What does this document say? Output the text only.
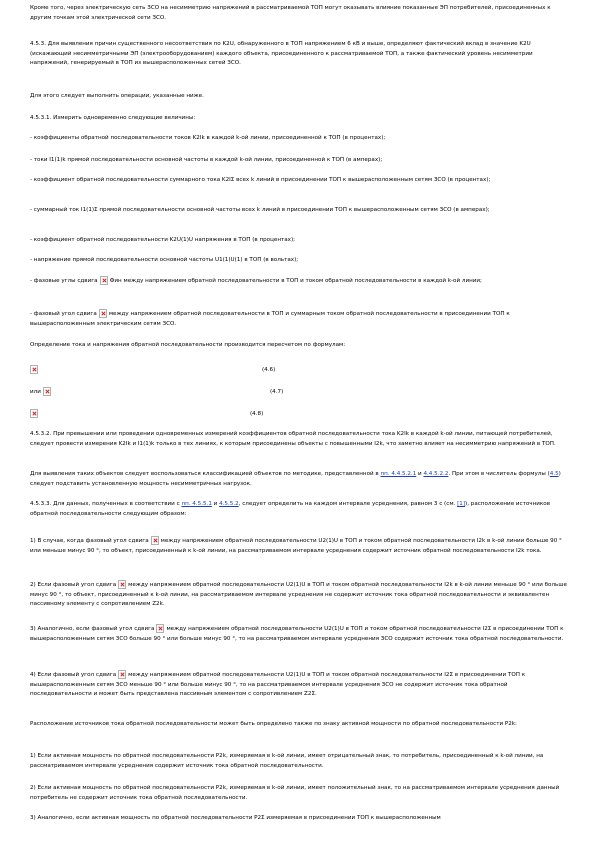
Кроме того, через электрическую сеть ЗСО на несимметрию напряжений в рассматриваемой ТОП могут оказывать влияние показанные ЭП потребителей, присоединенных к другим точкам этой электрической сети ЗСО.

4.5.3. Для выявления причин существенного несоответствия по K2U, обнаруженного в ТОП напряжением 6 кВ и выше, определяют фактический вклад в значение K2U (искажающий несимметричными ЭП (электрооборудованием) каждого объекта, присоединенного к рассматриваемой ТОП, а также фактический уровень несимметрии напряжений, генерируемый в ТОП из вышерасположенных сетей ЗСО.

Для этого следует выполнить операции, указанные ниже.

4.5.3.1. Измерить одновременно следующие величины:

- коэффициенты обратной последовательности токов K2Ik в каждой k-ой линии, присоединенной к ТОП (в процентах);

- токи I1(1)k прямой последовательности основной частоты в каждой k-ой линии, присоединенной к ТОП (в амперах);

- коэффициент обратной последовательности суммарного тока K2IΣ всех k линий в присоединении ТОП к вышерасположенным сетям ЗСО (в процентах);

- суммарный ток I1(1)Σ прямой последовательности основной частоты всех k линий в присоединении ТОП к вышерасположенным сетям ЗСО (в амперах);

- коэффициент обратной последовательности K2U(1)U напряжения в ТОП (в процентах);

- напряжение прямой последовательности основной частоты U1(1)U(1) в ТОП (в вольтах);

- фазовые углы сдвига Фин между напряжением обратной последовательности в ТОП и током обратной последовательности в каждой k-ой линии;

- фазовый угол сдвига между напряжением обратной последовательности в ТОП и суммарным током обратной последовательности в присоединении ТОП к вышерасположенным электрическим сетям ЗСО.

Определение тока и напряжения обратной последовательности производится пересчетом по формулам:

(4.6)
или	(4.7)
(4.8)

4.5.3.2. При превышении или проведении одновременных измерений коэффициентов обратной последовательности тока K2Ik в каждой k-ой линии, питающей потребителей, следует провести измерения K2Ik и I1(1)k только в тех линиях, к которым присоединены объекты с повышенными I2k, что заметно влияет на несимметрию напряжений в ТОП.

Для выявления таких объектов следует воспользоваться классификацией объектов по методике, представленной в пп. 4.4.5.2.1 и 4.4.5.2.2. При этом в числитель формулы (4.5) следует подставить установленную мощность несимметричных нагрузок.

4.5.3.3. Для данных, полученных в соответствии с пп. 4.5.5.1 и 4.5.5.2, следует определить на каждом интервале усреднения, равном 3 с (см. [1]), расположение источников обратной последовательности следующим образом:

1) В случае, когда фазовый угол сдвига между напряжением обратной последовательности U2(1)U в ТОП и током обратной последовательности I2k в k-ой линии больше 90 ° или меньше минус 90 °, то объект, присоединенный к k-ой линии, на рассматриваемом интервале усреднения содержит источник обратной последовательности I2k тока.

2) Если фазовый угол сдвига между напряжением обратной последовательности U2(1)U в ТОП и током обратной последовательности I2k в k-ой линии меньше 90 ° или больше минус 90 °, то объект, присоединенный к k-ой линии, на рассматриваемом интервале усреднения не содержит источник тока обратной последовательности и эквивалентен пассивному элементу с сопротивлением Z2k.

3) Аналогично, если фазовый угол сдвига между напряжением обратной последовательности U2(1)U в ТОП и током обратной последовательности I2Σ в присоединении ТОП к вышерасположенным сетям ЗСО больше 90 ° или больше минус 90 °, то на рассматриваемом интервале усреднения ЗСО содержит источник тока обратной последовательности.

4) Если фазовый угол сдвига между напряжением обратной последовательности U2(1)U в ТОП и током обратной последовательности I2Σ в присоединении ТОП к вышерасположенным сетям ЗСО меньше 90 ° или больше минус 90 °, то на рассматриваемом интервале усреднения ЗСО не содержит источник тока обратной последовательности и может быть представлена пассивным элементом с сопротивлением Z2Σ.

Расположение источников тока обратной последовательности может быть определено также по знаку активной мощности по обратной последовательности P2k:

1) Если активная мощность по обратной последовательности P2k, измеряемая в k-ой линии, имеет отрицательный знак, то потребитель, присоединенный к k-ой линии, на рассматриваемом интервале усреднения содержит источник тока обратной последовательности.

2) Если активная мощность по обратной последовательности P2k, измеряемая в k-ой линии, имеет положительный знак, то на рассматриваемом интервале усреднения данный потребитель не содержит источник тока обратной последовательности.

3) Аналогично, если активная мощность по обратной последовательности P2Σ измеряемая в присоединении ТОП к вышерасположенным
